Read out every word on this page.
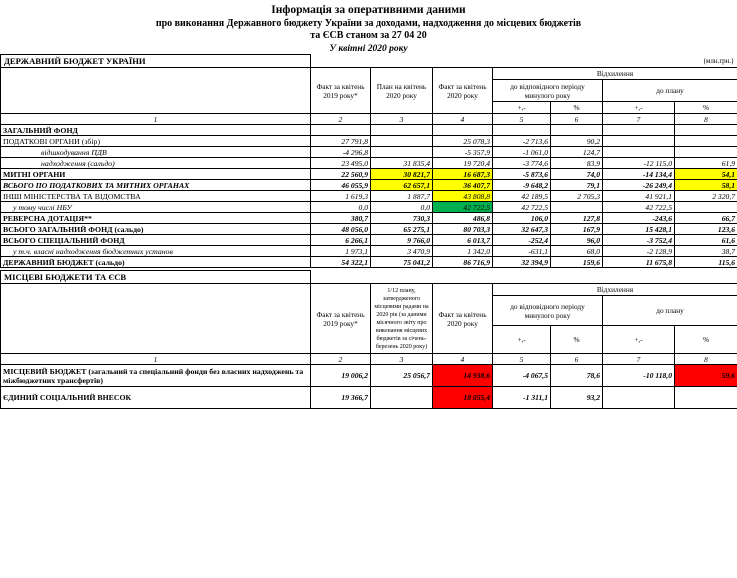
Інформація за оперативними даними
про виконання Державного бюджету України за доходами, надходження до місцевих бюджетів
та ЄСВ станом за 27 04 20
У квітні 2020 року
ДЕРЖАВНИЙ БЮДЖЕТ УКРАЇНИ				(млн.грн.)			
	Факт за квітень 2019 року*	План на квітень 2020 року	Факт за квітень 2020 року	Відхилення			
				до відповідного періоду минулого року		до плану	
				+,-	%	+,-	%
1	2	3	4	5	6	7	8
ЗАГАЛЬНИЙ ФОНД							
ПОДАТКОВІ ОРГАНИ (збір)	27 791,8		25 078,3	-2 713,6	90,2		
відшкодування ПДВ	-4 296,8		-5 357,9	-1 061,0	124,7		
надходження (сальдо)	23 495,0	31 835,4	19 720,4	-3 774,6	83,9	-12 115,0	61,9
МИТНІ ОРГАНИ	22 560,9	30 821,7	16 687,3	-5 873,6	74,0	-14 134,4	54,1
ВСЬОГО ПО ПОДАТКОВИХ ТА МИТНИХ ОРГАНАХ	46 055,9	62 657,1	36 407,7	-9 648,2	79,1	-26 249,4	58,1
ІНШІ МІНІСТЕРСТВА ТА ВІДОМСТВА	1 619,3	1 887,7	43 808,8	42 189,5	2 705,3	41 921,1	2 320,7
у тому числі НБУ	0,0	0,0	42 722,5	42 722,5		42 722,5	
РЕВЕРСНА ДОТАЦІЯ**	380,7	730,3	486,8	106,0	127,8	-243,6	66,7
ВСЬОГО ЗАГАЛЬНИЙ ФОНД (сальдо)	48 056,0	65 275,1	80 703,3	32 647,3	167,9	15 428,1	123,6
ВСЬОГО СПЕЦІАЛЬНИЙ ФОНД	6 266,1	9 766,0	6 013,7	-252,4	96,0	-3 752,4	61,6
у т.ч. власні надходження бюджетних установ	1 973,1	3 470,9	1 342,0	-631,1	68,0	-2 128,9	38,7
ДЕРЖАВНИЙ БЮДЖЕТ (сальдо)	54 322,1	75 041,2	86 716,9	32 394,9	159,6	11 675,8	115,6
МІСЦЕВІ БЮДЖЕТИ ТА ЄСВ							
	Факт за квітень 2019 року*	1/12 плану, затвердженого місцевими радами на 2020 рік (за даними місячного звіту про виконання місцевих бюджетів за січень-березень 2020 року)	Факт за квітень 2020 року	Відхилення			
				до відповідного періоду минулого року		до плану	
				+,-	%	+,-	%
1	2	3	4	5	6	7	8
МІСЦЕВИЙ БЮДЖЕТ (загальний та спеціальний фонди без власних надходжень та міжбюджетних трансфертів)	19 006,2	25 056,7	14 938,6	-4 067,5	78,6	-10 118,0	59,6
ЄДИНИЙ СОЦІАЛЬНИЙ ВНЕСОК	19 366,7		18 055,4	-1 311,1	93,2		
